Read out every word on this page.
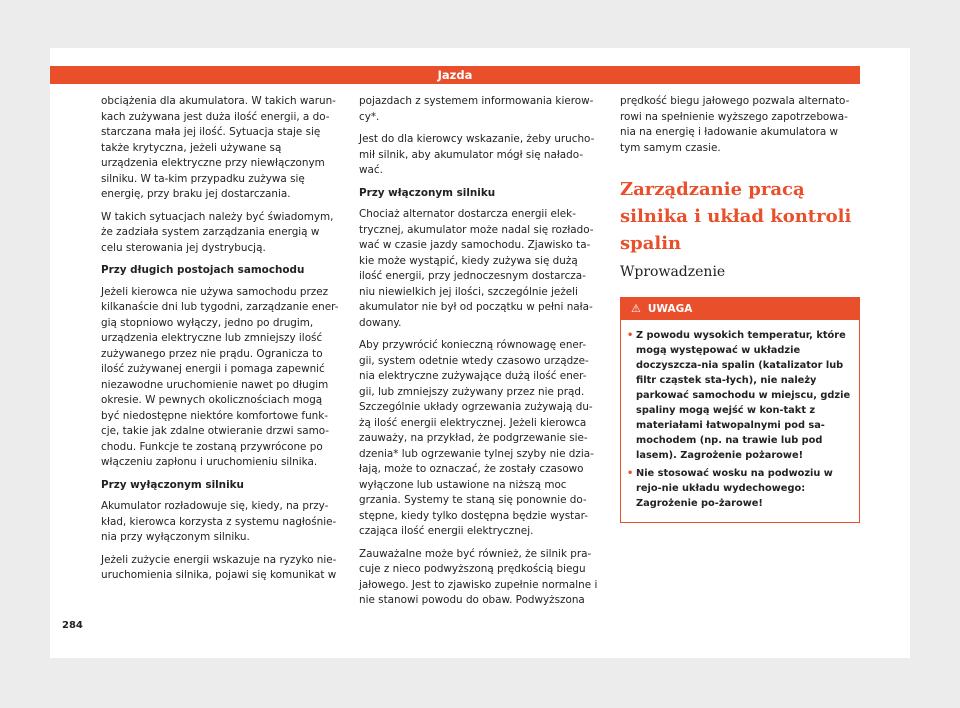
Jazda

obciążenia dla akumulatora. W takich warun-kach zużywana jest duża ilość energii, a do-starczana mała jej ilość. Sytuacja staje się także krytyczna, jeżeli używane są urządzenia elektryczne przy niewłączonym silniku. W ta-kim przypadku zużywa się energię, przy braku jej dostarczania.

W takich sytuacjach należy być świadomym, że zadziała system zarządzania energią w celu sterowania jej dystrybucją.

Przy długich postojach samochodu

Jeżeli kierowca nie używa samochodu przez kilkanaście dni lub tygodni, zarządzanie ener-gią stopniowo wyłączy, jedno po drugim, urządzenia elektryczne lub zmniejszy ilość zużywanego przez nie prądu. Ogranicza to ilość zużywanej energii i pomaga zapewnić niezawodne uruchomienie nawet po długim okresie. W pewnych okolicznościach mogą być niedostępne niektóre komfortowe funk-cje, takie jak zdalne otwieranie drzwi samo-chodu. Funkcje te zostaną przywrócone po włączeniu zapłonu i uruchomieniu silnika.

Przy wyłączonym silniku

Akumulator rozładowuje się, kiedy, na przy-kład, kierowca korzysta z systemu nagłośnie-nia przy wyłączonym silniku.

Jeżeli zużycie energii wskazuje na ryzyko nie-uruchomienia silnika, pojawi się komunikat w

pojazdach z systemem informowania kierow-cy*.

Jest do dla kierowcy wskazanie, żeby urucho-mił silnik, aby akumulator mógł się nałado-wać.

Przy włączonym silniku

Chociaż alternator dostarcza energii elek-trycznej, akumulator może nadal się rozłado-wać w czasie jazdy samochodu. Zjawisko ta-kie może wystąpić, kiedy zużywa się dużą ilość energii, przy jednoczesnym dostarcza-niu niewielkich jej ilości, szczególnie jeżeli akumulator nie był od początku w pełni nała-dowany.

Aby przywrócić konieczną równowagę ener-gii, system odetnie wtedy czasowo urządze-nia elektryczne zużywające dużą ilość ener-gii, lub zmniejszy zużywany przez nie prąd. Szczególnie układy ogrzewania zużywają du-żą ilość energii elektrycznej. Jeżeli kierowca zauważy, na przykład, że podgrzewanie sie-dzenia* lub ogrzewanie tylnej szyby nie dzia-łają, może to oznaczać, że zostały czasowo wyłączone lub ustawione na niższą moc grzania. Systemy te staną się ponownie do-stępne, kiedy tylko dostępna będzie wystar-czająca ilość energii elektrycznej.

Zauważalne może być również, że silnik pra-cuje z nieco podwyższoną prędkością biegu jałowego. Jest to zjawisko zupełnie normalne i nie stanowi powodu do obaw. Podwyższona

prędkość biegu jałowego pozwala alternato-rowi na spełnienie wyższego zapotrzebowa-nia na energię i ładowanie akumulatora w tym samym czasie.

Zarządzanie pracą silnika i układ kontroli spalin
Wprowadzenie
⚠ UWAGA
• Z powodu wysokich temperatur, które mogą występować w układzie doczyszcza-nia spalin (katalizator lub filtr cząstek sta-łych), nie należy parkować samochodu w miejscu, gdzie spaliny mogą wejść w kon-takt z materiałami łatwopalnymi pod sa-mochodem (np. na trawie lub pod lasem). Zagrożenie pożarowe!
• Nie stosować wosku na podwoziu w rejo-nie układu wydechowego: Zagrożenie po-żarowe!
284
